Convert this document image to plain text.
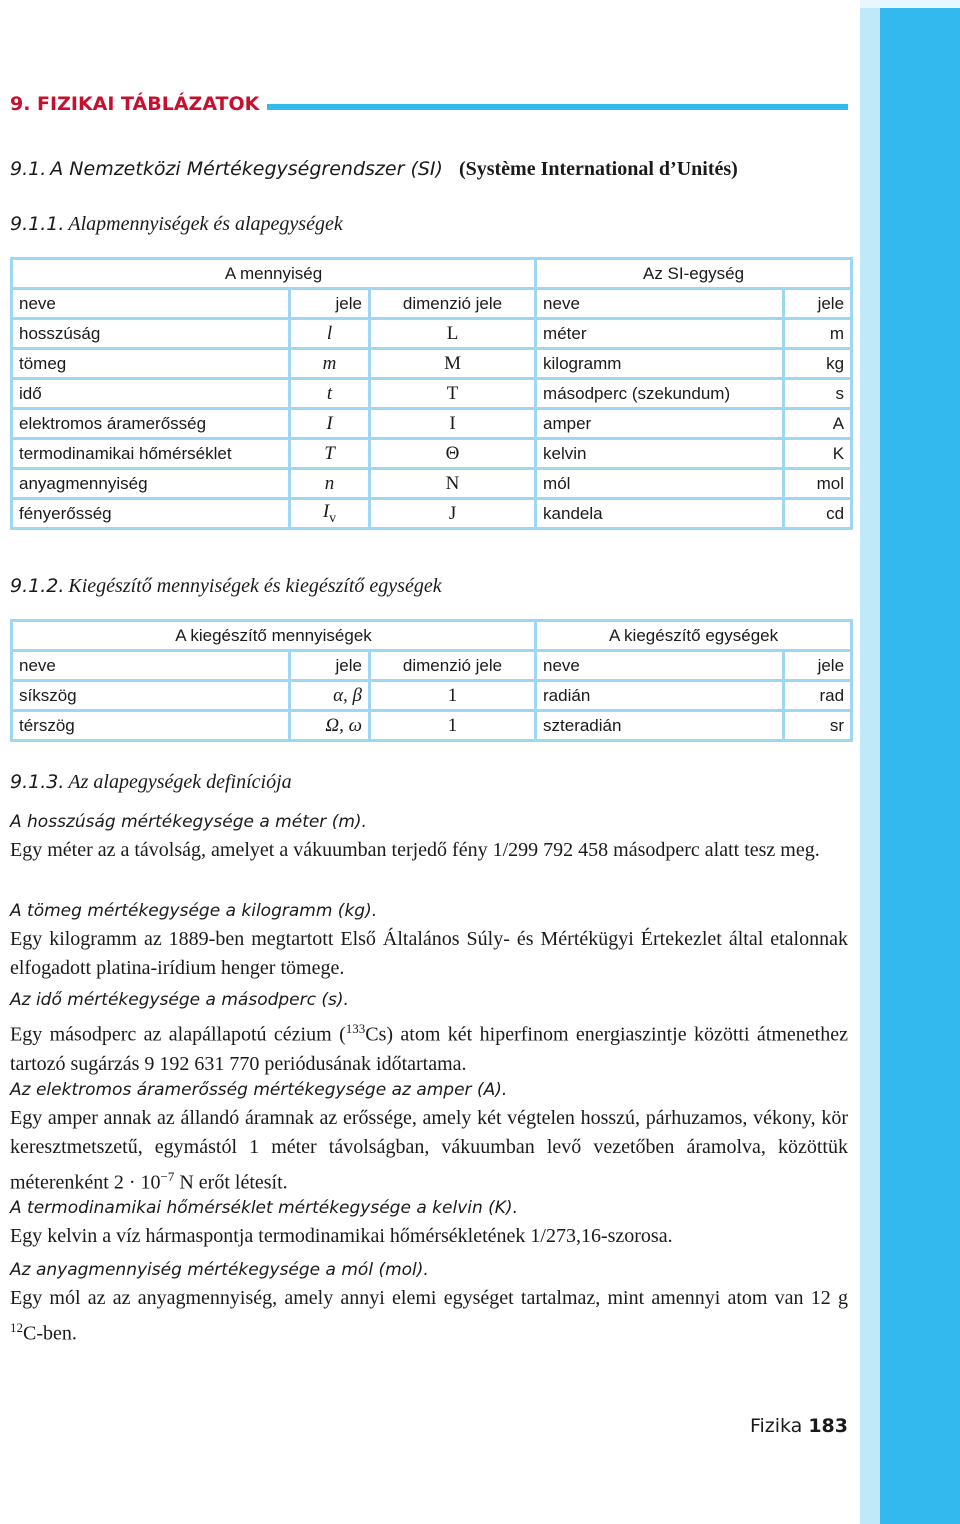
9. FIZIKAI TÁBLÁZATOK
9.1. A Nemzetközi Mértékegységrendszer (SI) (Système International d’Unités)
9.1.1. Alapmennyiségek és alapegységek
A mennyiség			Az SI-egység	
neve	jele	dimenzió jele	neve	jele
hosszúság	l	L	méter	m
tömeg	m	M	kilogramm	kg
idő	t	T	másodperc (szekundum)	s
elektromos áramerősség	I	I	amper	A
termodinamikai hőmérséklet	T	Θ	kelvin	K
anyagmennyiség	n	N	mól	mol
fényerősség	$I_v$	J	kandela	cd
9.1.2. Kiegészítő mennyiségek és kiegészítő egységek
A kiegészítő mennyiségek			A kiegészítő egységek	
neve	jele	dimenzió jele	neve	jele
síkszög	α, β	1	radián	rad
térszög	Ω, ω	1	szteradián	sr
9.1.3. Az alapegységek definíciója
A hosszúság mértékegysége a méter (m).
Egy méter az a távolság, amelyet a vákuumban terjedő fény 1/299 792 458 másodperc alatt tesz meg.
A tömeg mértékegysége a kilogramm (kg).
Egy kilogramm az 1889-ben megtartott Első Általános Súly- és Mértékügyi Értekezlet által etalonnak elfogadott platina-irídium henger tömege.
Az idő mértékegysége a másodperc (s).
Egy másodperc az alapállapotú cézium ($^{133}$Cs) atom két hiperfinom energiaszintje közötti átmenethez tartozó sugárzás 9 192 631 770 periódusának időtartama.
Az elektromos áramerősség mértékegysége az amper (A).
Egy amper annak az állandó áramnak az erőssége, amely két végtelen hosszú, párhuzamos, vékony, kör keresztmetszetű, egymástól 1 méter távolságban, vákuumban levő vezetőben áramolva, közöttük méterenként $2 \cdot 10^{-7}$ N erőt létesít.
A termodinamikai hőmérséklet mértékegysége a kelvin (K).
Egy kelvin a víz hármaspontja termodinamikai hőmérsékletének 1/273,16-szorosa.
Az anyagmennyiség mértékegysége a mól (mol).
Egy mól az az anyagmennyiség, amely annyi elemi egységet tartalmaz, mint amennyi atom van 12 g $^{12}$C-ben.
Fizika 183
